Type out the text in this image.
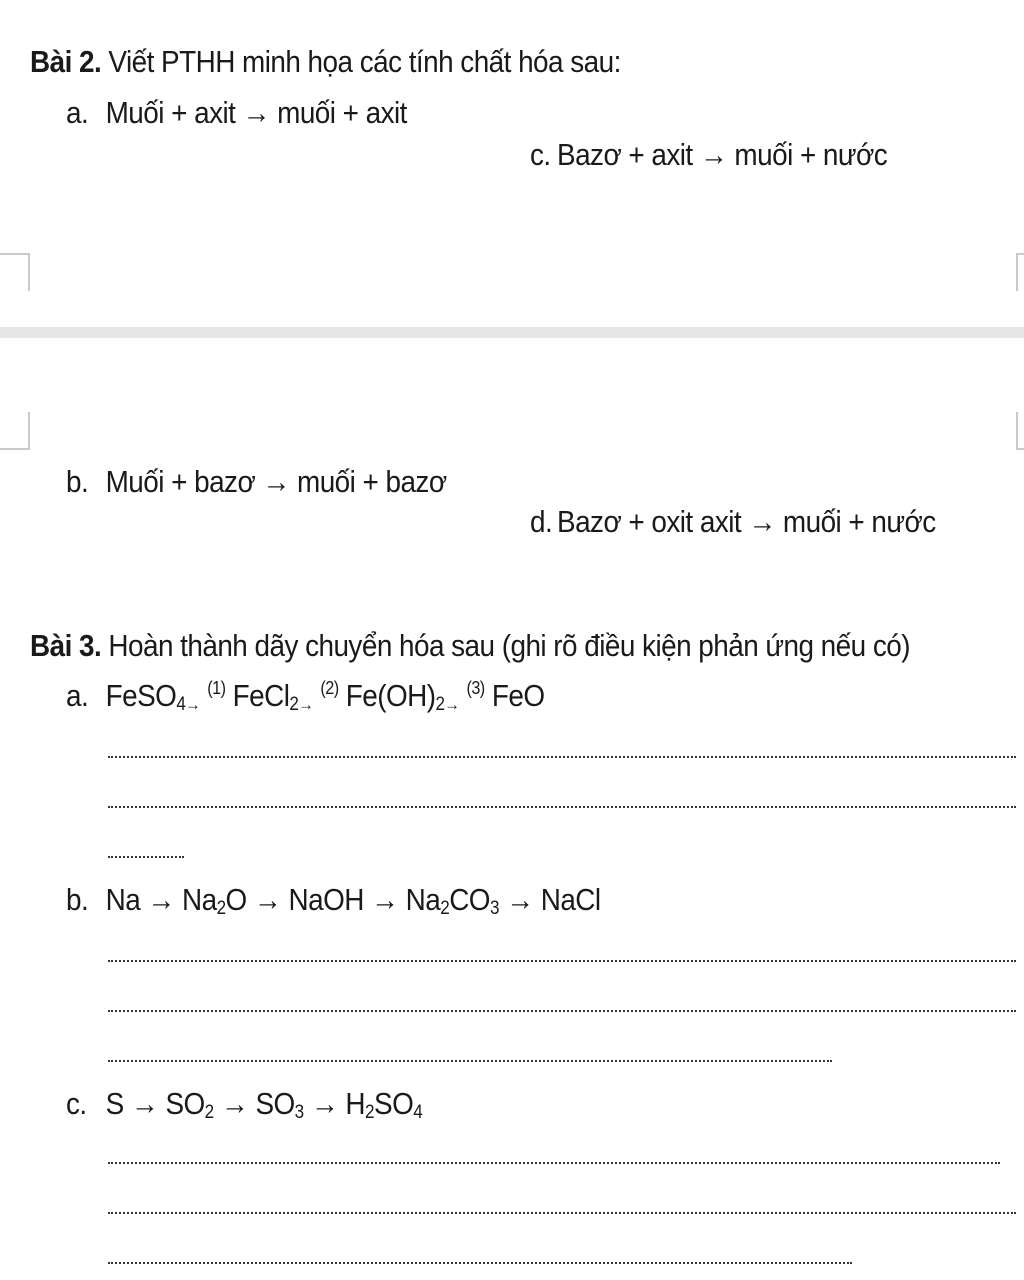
Bài 2. Viết PTHH minh họa các tính chất hóa sau:
a. Muối + axit → muối + axit
c. Bazơ + axit → muối + nước
b. Muối + bazơ → muối + bazơ
d. Bazơ + oxit axit → muối + nước
Bài 3. Hoàn thành dãy chuyển hóa sau (ghi rõ điều kiện phản ứng nếu có)
a. FeSO$_4$→ $^{(1)}$ FeCl$_2$→ $^{(2)}$ $Fe(OH)_2\to ^{(3)}$ FeO
b. $Na \to Na_2O$ → NaOH → $Na_2CO_3$ → NaCl
c. $S \to SO_2 \to SO_3 \to H_2SO_4$
